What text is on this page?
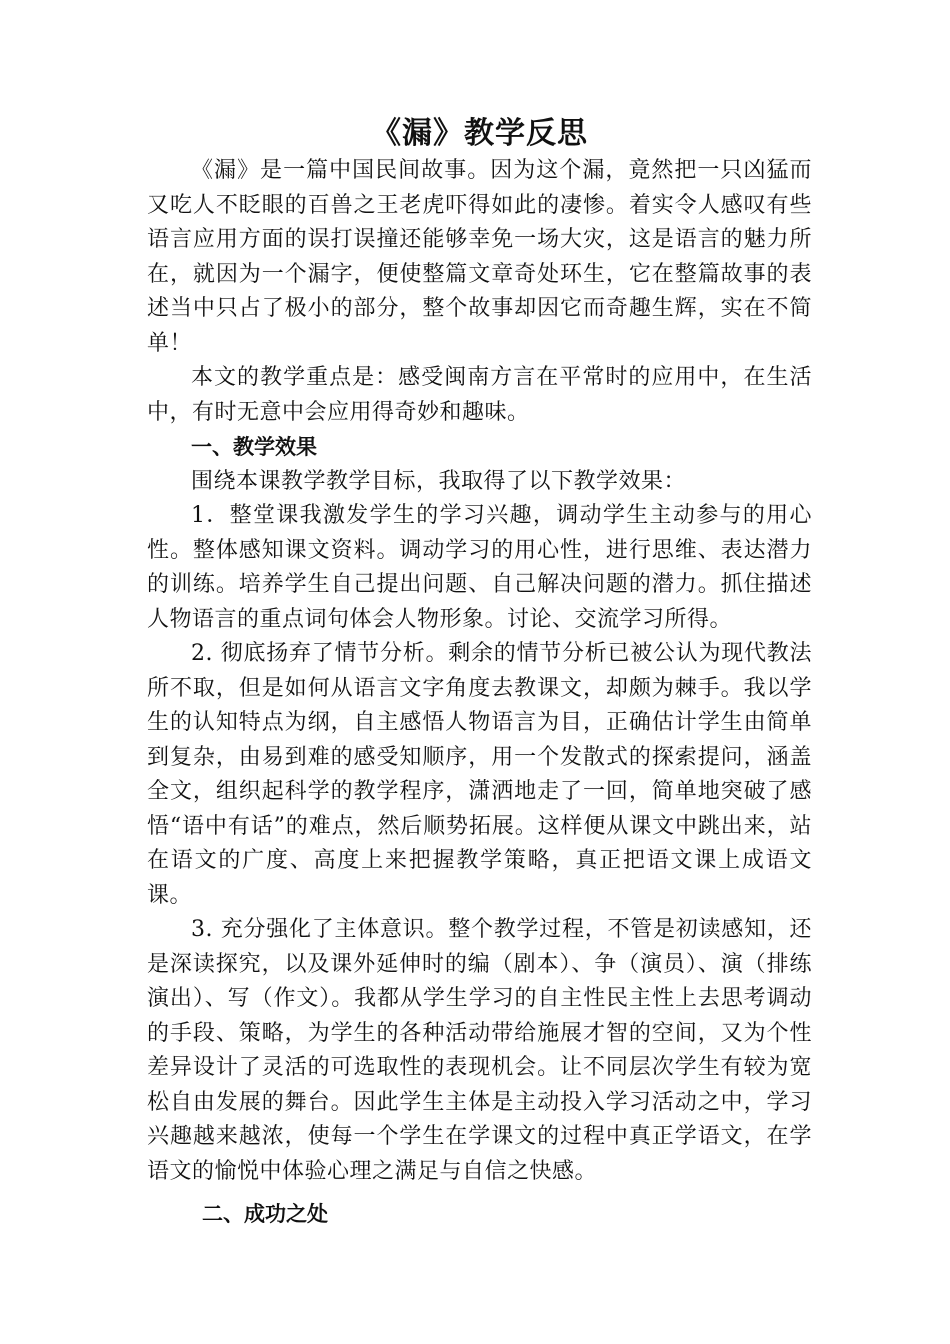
《漏》教学反思

《漏》是一篇中国民间故事。因为这个漏，竟然把一只凶猛而又吃人不眨眼的百兽之王老虎吓得如此的凄惨。着实令人感叹有些语言应用方面的误打误撞还能够幸免一场大灾，这是语言的魅力所在，就因为一个漏字，便使整篇文章奇处环生，它在整篇故事的表述当中只占了极小的部分，整个故事却因它而奇趣生辉，实在不简单！

本文的教学重点是：感受闽南方言在平常时的应用中，在生活中，有时无意中会应用得奇妙和趣味。

一、教学效果

围绕本课教学教学目标，我取得了以下教学效果：

1．整堂课我激发学生的学习兴趣，调动学生主动参与的用心性。整体感知课文资料。调动学习的用心性，进行思维、表达潜力的训练。培养学生自己提出问题、自己解决问题的潜力。抓住描述人物语言的重点词句体会人物形象。讨论、交流学习所得。

2. 彻底扬弃了情节分析。剩余的情节分析已被公认为现代教法所不取，但是如何从语言文字角度去教课文，却颇为棘手。我以学生的认知特点为纲，自主感悟人物语言为目，正确估计学生由简单到复杂，由易到难的感受知顺序，用一个发散式的探索提问，涵盖全文，组织起科学的教学程序，潇洒地走了一回，简单地突破了感悟“语中有话”的难点，然后顺势拓展。这样便从课文中跳出来，站在语文的广度、高度上来把握教学策略，真正把语文课上成语文课。

3. 充分强化了主体意识。整个教学过程，不管是初读感知，还是深读探究，以及课外延伸时的编（剧本）、争（演员）、演（排练演出）、写（作文）。我都从学生学习的自主性民主性上去思考调动的手段、策略，为学生的各种活动带给施展才智的空间，又为个性差异设计了灵活的可选取性的表现机会。让不同层次学生有较为宽松自由发展的舞台。因此学生主体是主动投入学习活动之中，学习兴趣越来越浓，使每一个学生在学课文的过程中真正学语文，在学语文的愉悦中体验心理之满足与自信之快感。

二、成功之处
